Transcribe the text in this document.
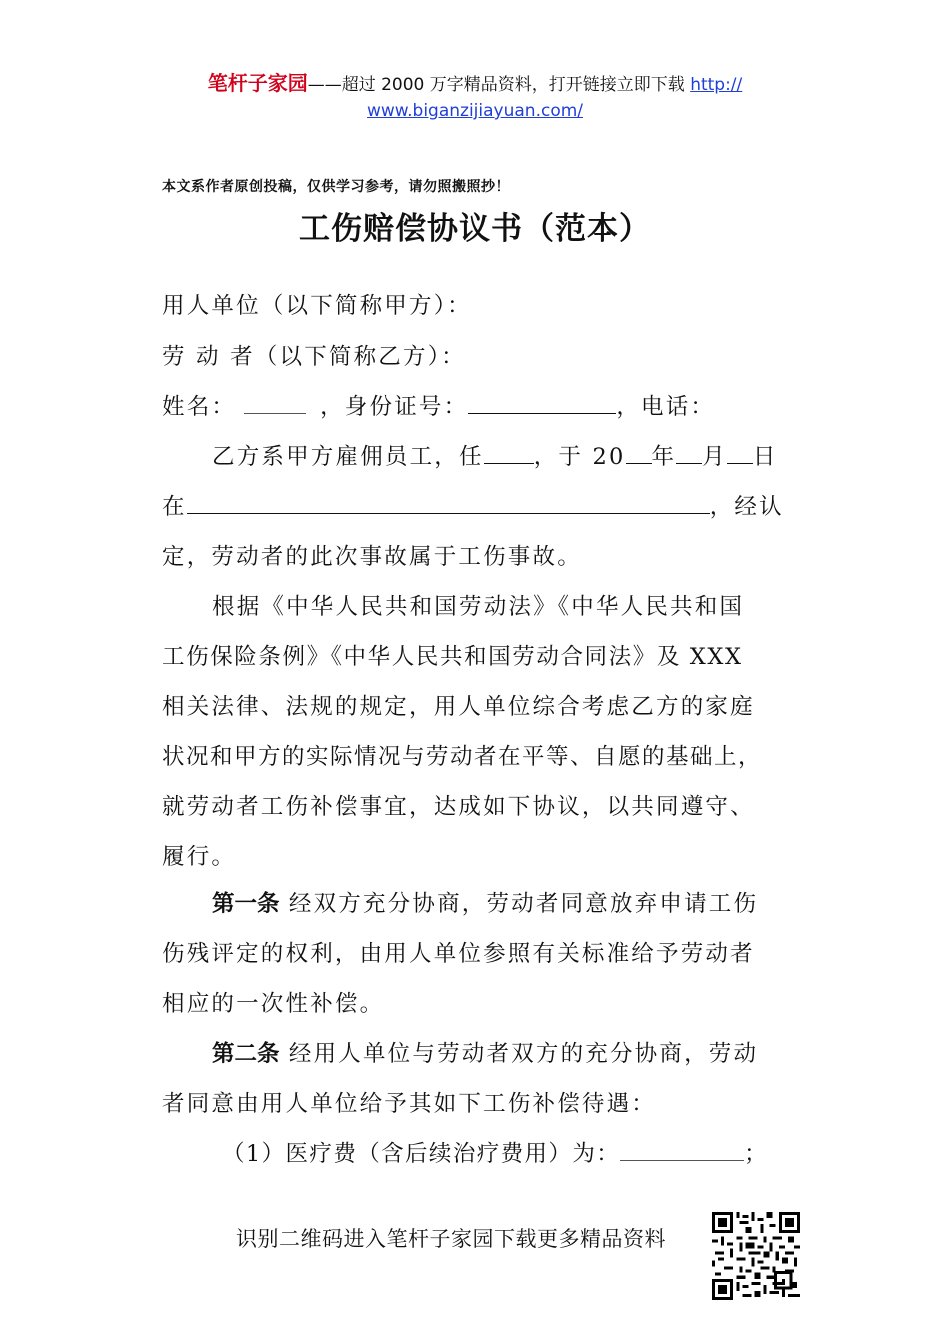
笔杆子家园——超过 2000 万字精品资料，打开链接立即下载 http://
www.biganzijiayuan.com/
本文系作者原创投稿，仅供学习参考，请勿照搬照抄！
工伤赔偿协议书（范本）
用人单位（以下简称甲方）：
劳 动 者（以下简称乙方）：
姓名：	，身份证号：	，电话：
乙方系甲方雇佣员工，任 ，于 20 年 月 日
在	，经认
定，劳动者的此次事故属于工伤事故。
根据《中华人民共和国劳动法》《中华人民共和国
工伤保险条例》《中华人民共和国劳动合同法》及 XXX
相关法律、法规的规定，用人单位综合考虑乙方的家庭
状况和甲方的实际情况与劳动者在平等、自愿的基础上，
就劳动者工伤补偿事宜，达成如下协议，以共同遵守、
履行。
第一条 经双方充分协商，劳动者同意放弃申请工伤
伤残评定的权利，由用人单位参照有关标准给予劳动者
相应的一次性补偿。
第二条 经用人单位与劳动者双方的充分协商，劳动
者同意由用人单位给予其如下工伤补偿待遇：
（1）医疗费（含后续治疗费用）为：	；
识别二维码进入笔杆子家园下载更多精品资料
